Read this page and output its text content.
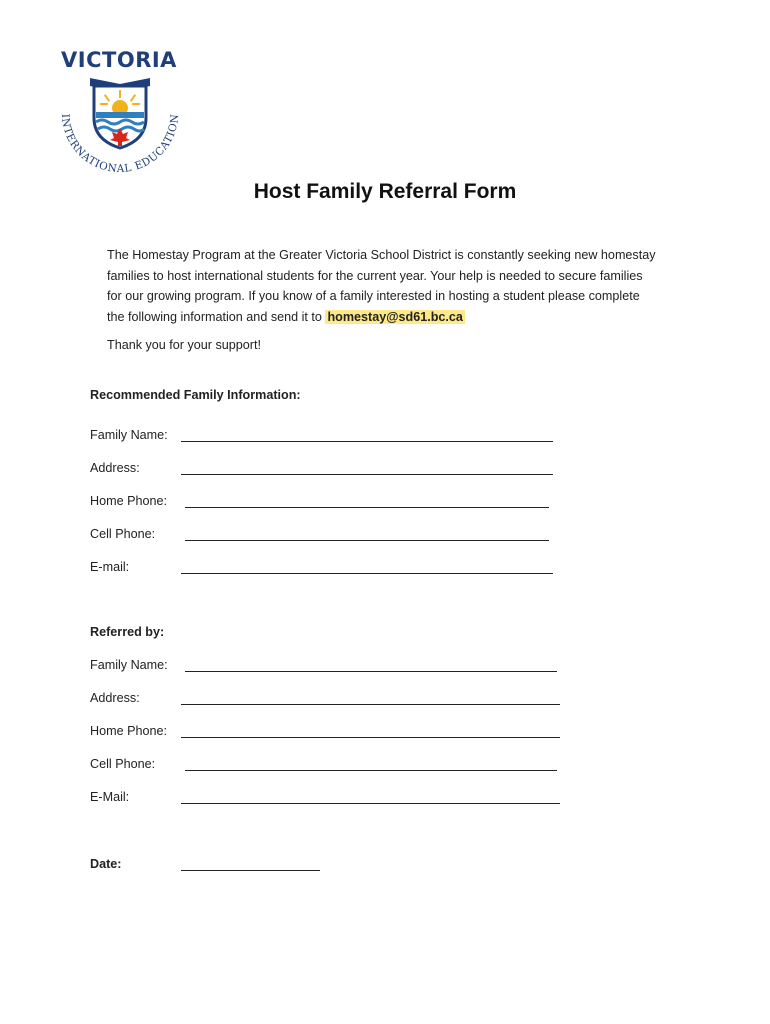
VICTORIA
INTERNATIONAL EDUCATION
Host Family Referral Form
The Homestay Program at the Greater Victoria School District is constantly seeking new homestay
families to host international students for the current year. Your help is needed to secure families
for our growing program. If you know of a family interested in hosting a student please complete
the following information and send it to homestay@sd61.bc.ca
Thank you for your support!
Recommended Family Information:
Family Name:
Address:
Home Phone:
Cell Phone:
E-mail:
Referred by:
Family Name:
Address:
Home Phone:
Cell Phone:
E-Mail:
Date:
